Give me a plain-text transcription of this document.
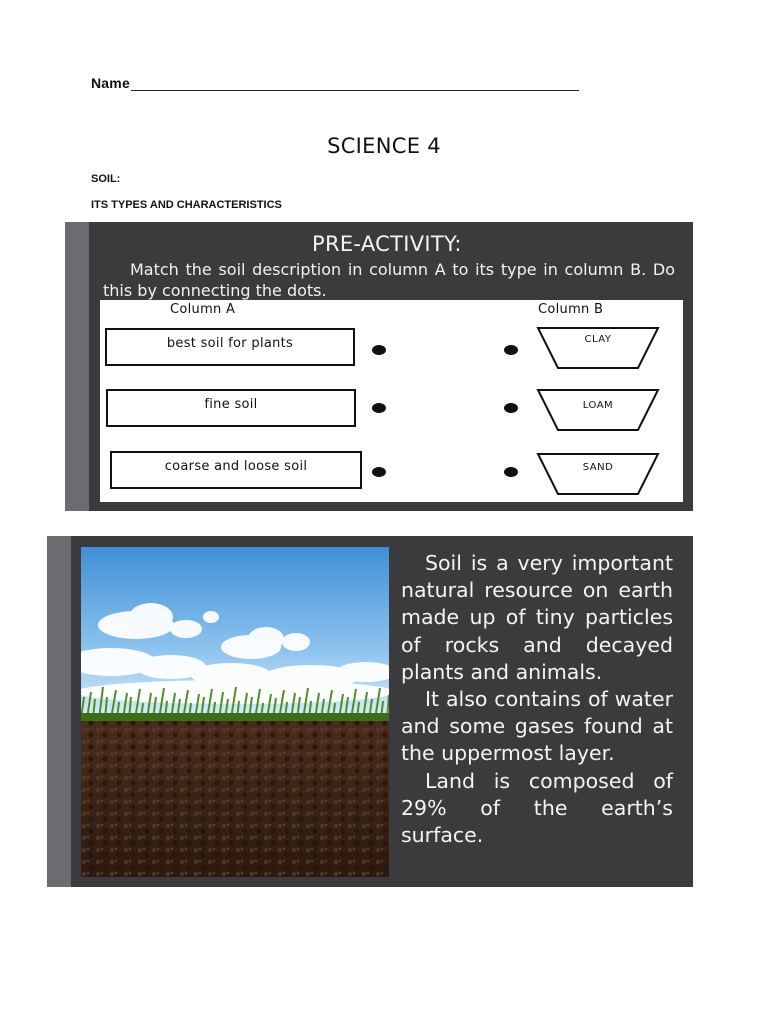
Name
SCIENCE 4
SOIL:
ITS TYPES AND CHARACTERISTICS
PRE-ACTIVITY:
Match the soil description in column A to its type in column B. Do this by connecting the dots.
Column A	Column B
best soil for plants
fine soil
coarse and loose soil
CLAY
LOAM
SAND

Soil is a very important natural resource on earth made up of tiny particles of rocks and decayed plants and animals.

It also contains of water and some gases found at the uppermost layer.

Land is composed of 29% of the earth’s surface.
